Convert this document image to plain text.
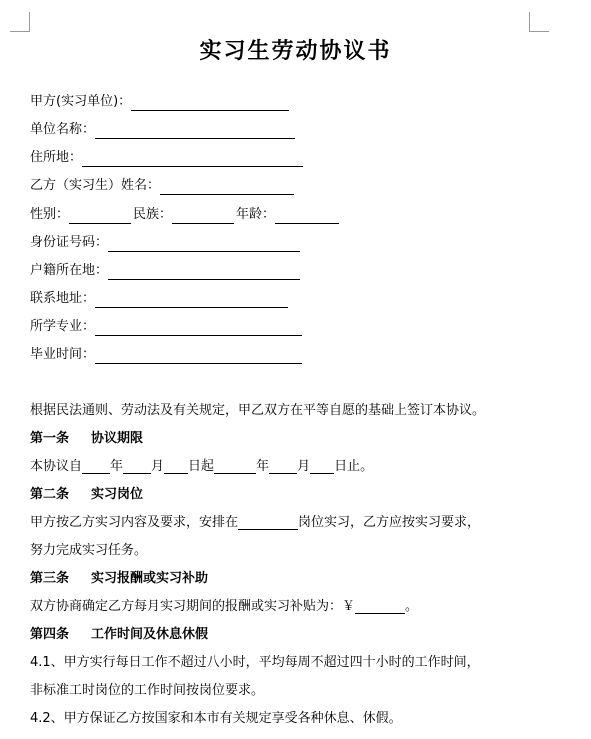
实习生劳动协议书
甲方(实习单位)：
单位名称：
住所地：
乙方（实习生）姓名：
性别：	民族：	年龄：
身份证号码：
户籍所在地：
联系地址：
所学专业：
毕业时间：
根据民法通则、劳动法及有关规定，甲乙双方在平等自愿的基础上签订本协议。
第一条 协议期限
本协议自 年 月 日起	年 月 日止。
第二条 实习岗位
甲方按乙方实习内容及要求，安排在	岗位实习，乙方应按实习要求，
努力完成实习任务。
第三条 实习报酬或实习补助
双方协商确定乙方每月实习期间的报酬或实习补贴为：￥	。
第四条 工作时间及休息休假
4.1、甲方实行每日工作不超过八小时，平均每周不超过四十小时的工作时间，
非标准工时岗位的工作时间按岗位要求。
4.2、甲方保证乙方按国家和本市有关规定享受各种休息、休假。
